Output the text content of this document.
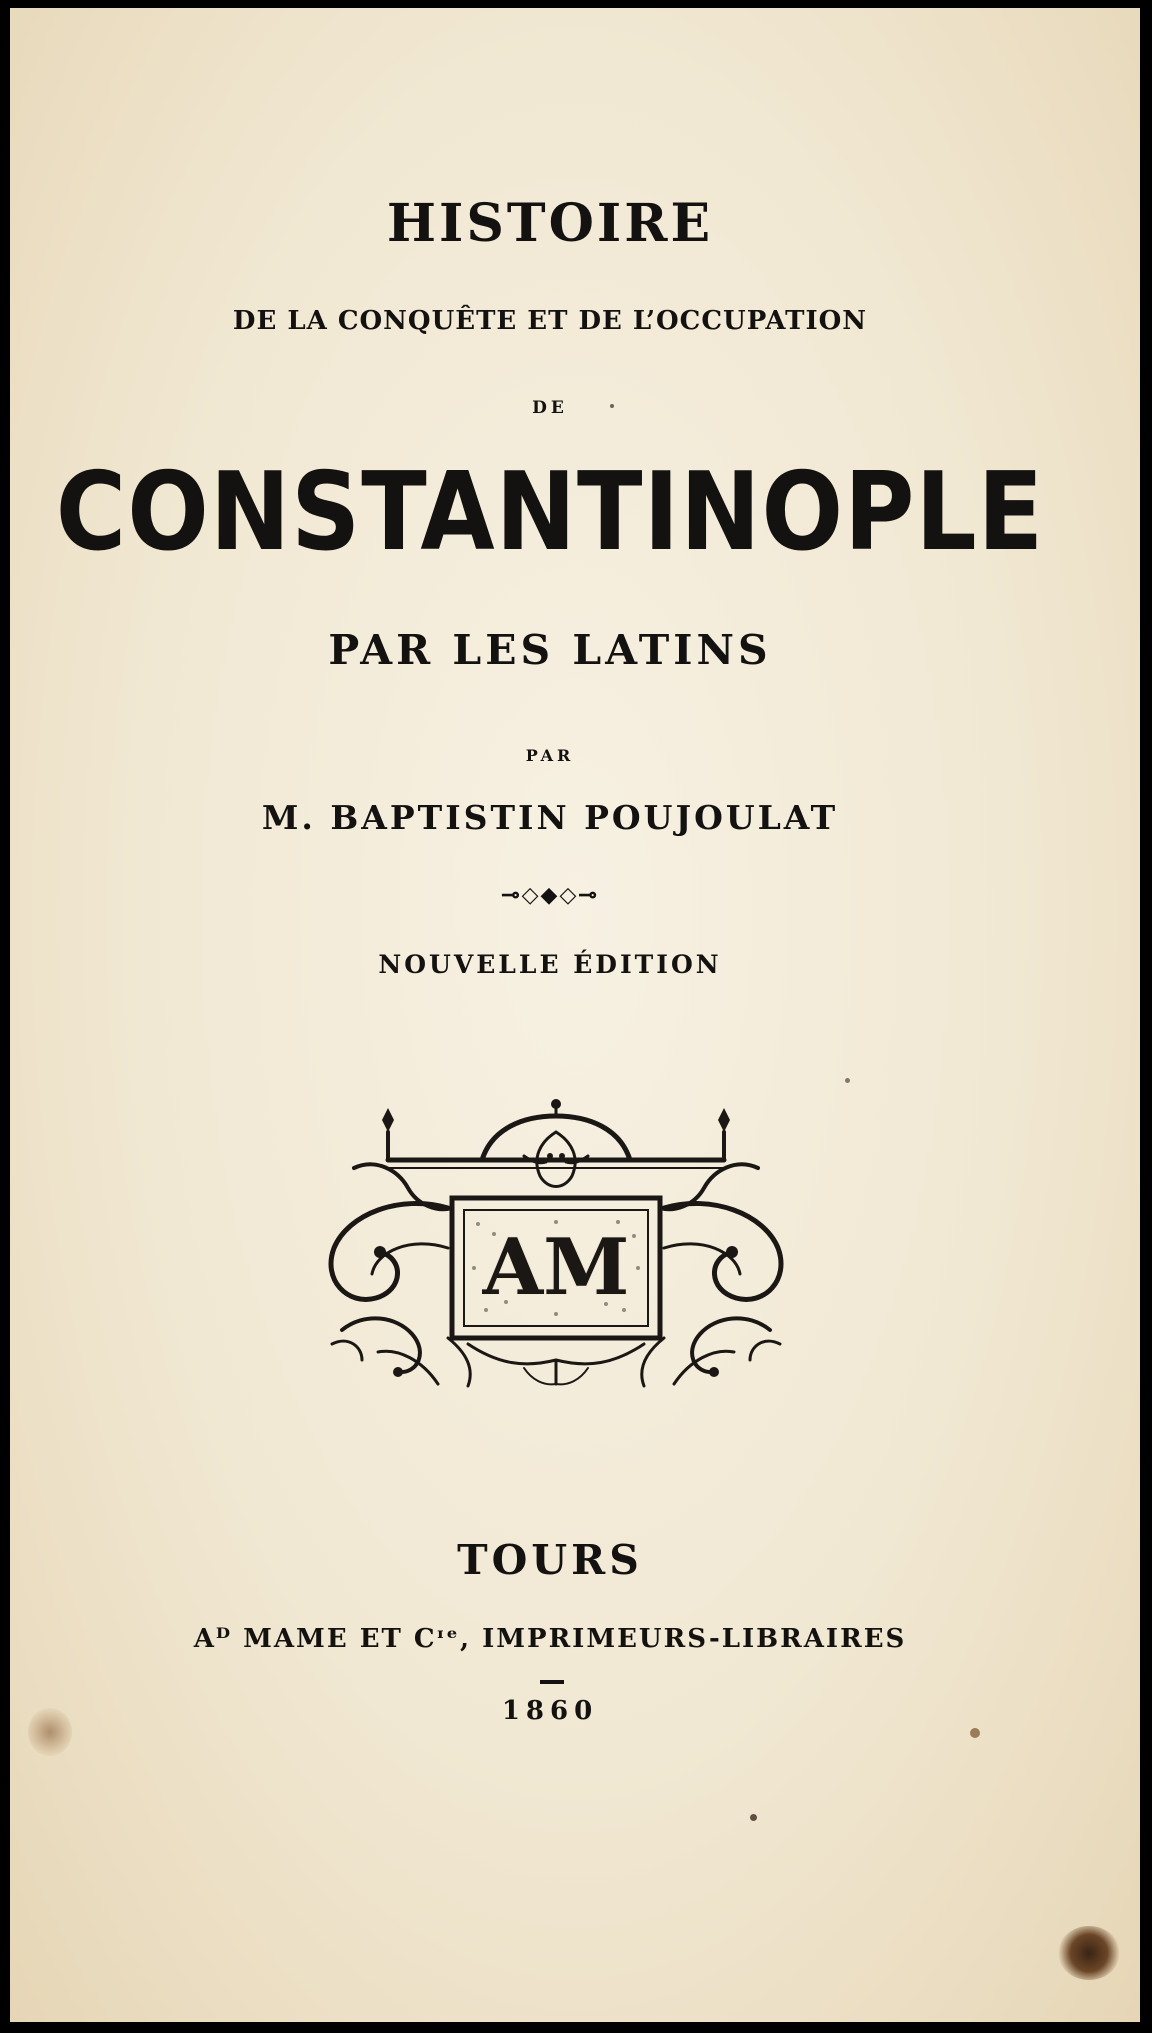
HISTOIRE
DE LA CONQUÊTE ET DE L’OCCUPATION
DE
CONSTANTINOPLE
PAR LES LATINS
PAR
M. BAPTISTIN POUJOULAT
⊸◇◆◇⊸
NOUVELLE ÉDITION
AM
TOURS
Aᴰ MAME ET Cᶦᵉ, IMPRIMEURS-LIBRAIRES
1860
